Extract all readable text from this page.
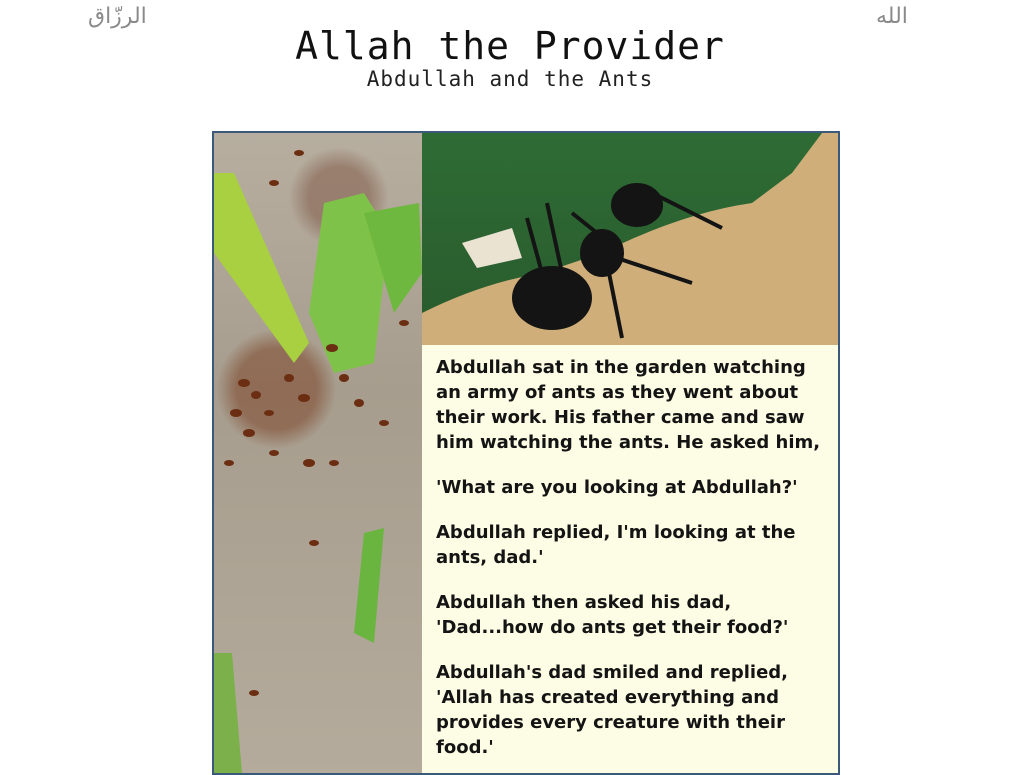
الرزّاق	الله
Allah the Provider
Abdullah and the Ants

Abdullah sat in the garden watching an army of ants as they went about their work. His father came and saw him watching the ants. He asked him,

'What are you looking at Abdullah?'

Abdullah replied, I'm looking at the ants, dad.'

Abdullah then asked his dad, 'Dad...how do ants get their food?'

Abdullah's dad smiled and replied, 'Allah has created everything and provides every creature with their food.'
